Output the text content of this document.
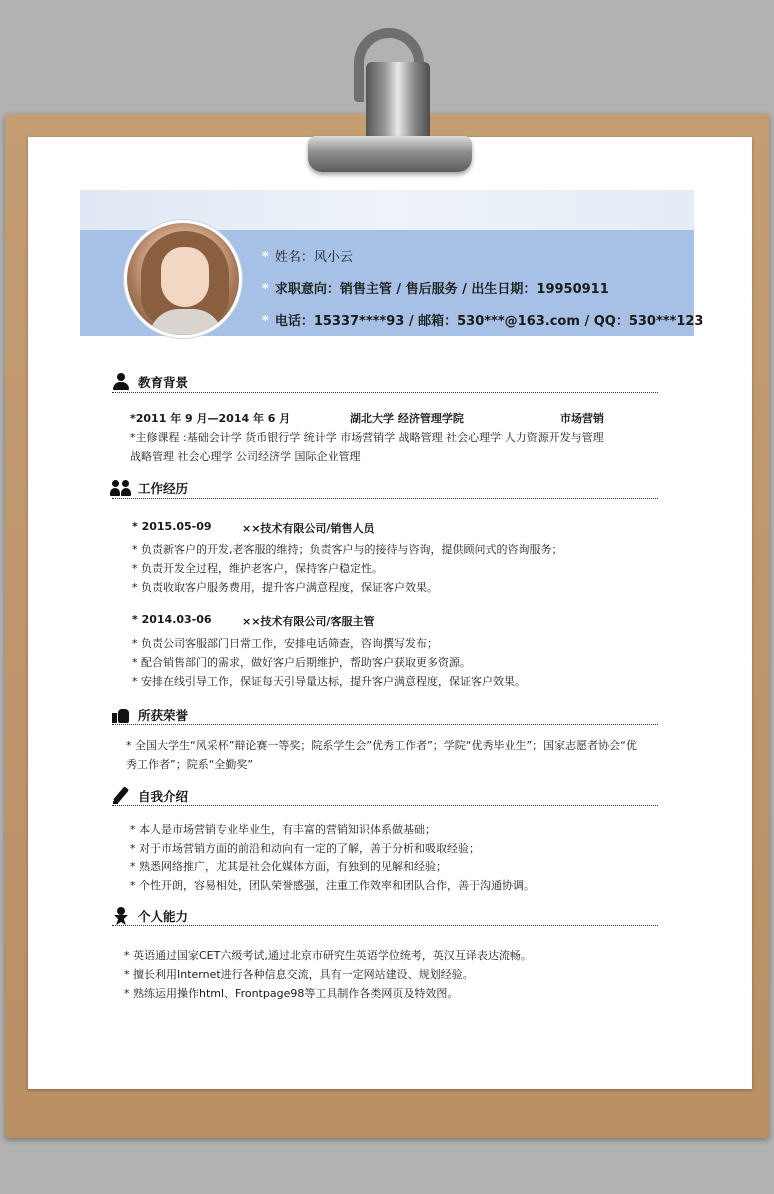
* 姓名：风小云
* 求职意向：销售主管 / 售后服务 / 出生日期：19950911
* 电话：15337****93 / 邮箱：530***@163.com / QQ：530***123
教育背景
*2011 年 9 月—2014 年 6 月	湖北大学 经济管理学院	市场营销
*主修课程 :基础会计学 货币银行学 统计学 市场营销学 战略管理 社会心理学 人力资源开发与管理
战略管理 社会心理学 公司经济学 国际企业管理
工作经历
* 2015.05-09	××技术有限公司/销售人员
* 负责新客户的开发,老客服的维持；负责客户与的接待与咨询，提供顾问式的咨询服务；
* 负责开发全过程，维护老客户，保持客户稳定性。
* 负责收取客户服务费用，提升客户满意程度，保证客户效果。
* 2014.03-06	××技术有限公司/客服主管
* 负责公司客服部门日常工作，安排电话筛查，咨询撰写发布；
* 配合销售部门的需求，做好客户后期维护，帮助客户获取更多资源。
* 安排在线引导工作，保证每天引导量达标，提升客户满意程度，保证客户效果。
所获荣誉
* 全国大学生“风采杯”辩论赛一等奖；院系学生会”优秀工作者”；学院“优秀毕业生”；国家志愿者协会“优
秀工作者”；院系“全勤奖”
自我介绍
* 本人是市场营销专业毕业生，有丰富的营销知识体系做基础；
* 对于市场营销方面的前沿和动向有一定的了解，善于分析和吸取经验；
* 熟悉网络推广，尤其是社会化媒体方面，有独到的见解和经验；
* 个性开朗，容易相处，团队荣誉感强，注重工作效率和团队合作，善于沟通协调。
个人能力
* 英语通过国家CET六级考试,通过北京市研究生英语学位统考，英汉互译表达流畅。
* 擅长利用Internet进行各种信息交流，具有一定网站建设、规划经验。
* 熟练运用操作html、Frontpage98等工具制作各类网页及特效图。
